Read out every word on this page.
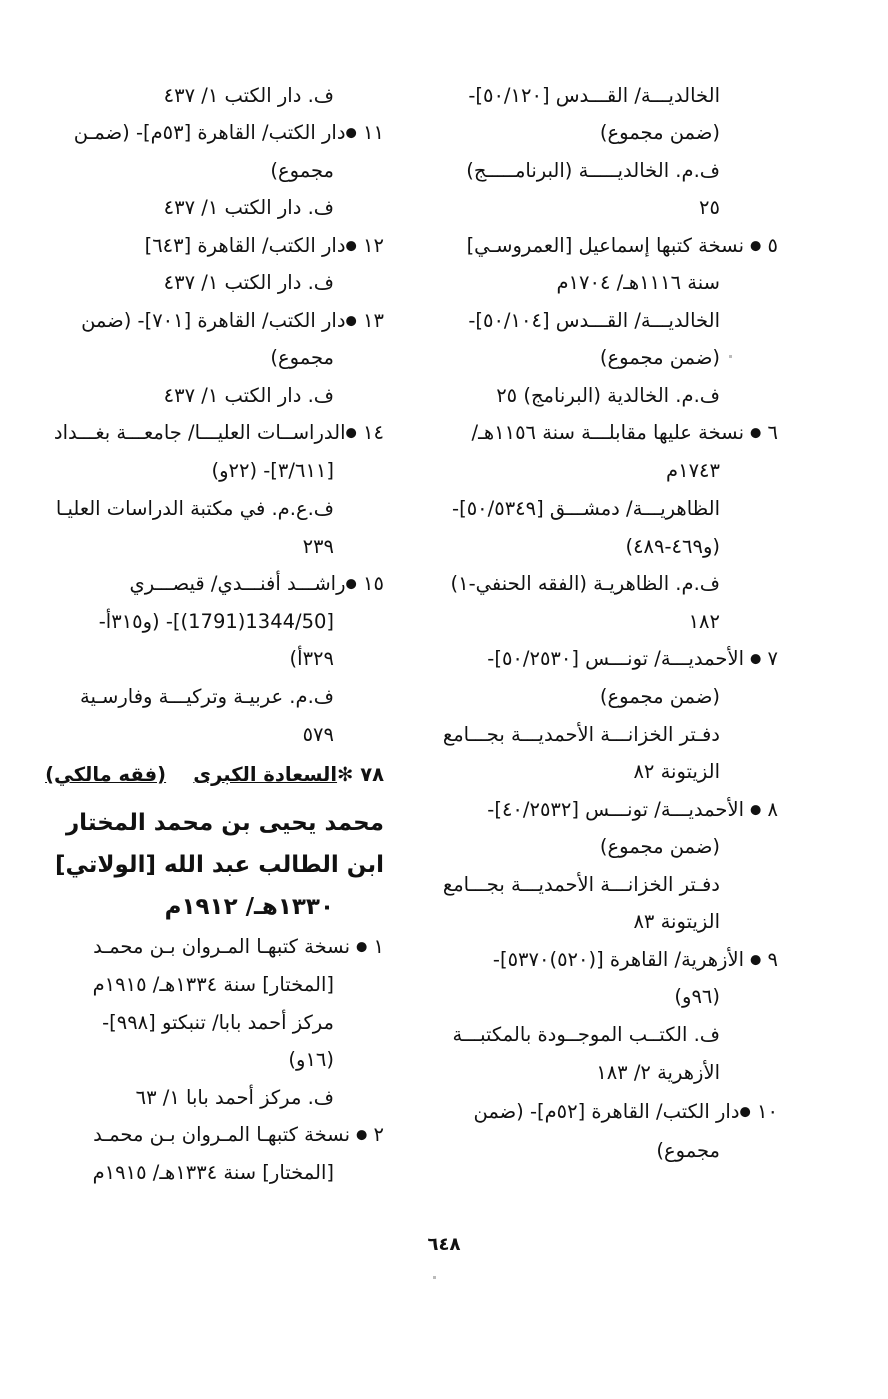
الخالديـــة/ القـــدس [٥٠/١٢٠]-
(ضمن مجموع)
ف.م. الخالديـــــة (البرنامـــــج)
٢٥
٥ ●نسخة كتبها إسماعيل [العمروسـي]
سنة ١١١٦هـ/ ١٧٠٤م
الخالديـــة/ القـــدس [٥٠/١٠٤]-
(ضمن مجموع)
ف.م. الخالدية (البرنامج) ٢٥
٦ ●نسخة عليها مقابلـــة سنة ١١٥٦هـ/
١٧٤٣م
الظاهريـــة/ دمشـــق [٥٠/٥٣٤٩]-
(و٤٦٩-٤٨٩)
ف.م. الظاهريـة (الفقه الحنفي-١)
١٨٢
٧ ●الأحمديـــة/ تونـــس [٥٠/٢٥٣٠]-
(ضمن مجموع)
دفـتر الخزانـــة الأحمديـــة بجـــامع
الزيتونة ٨٢
٨ ●الأحمديـــة/ تونـــس [٤٠/٢٥٣٢]-
(ضمن مجموع)
دفـتر الخزانـــة الأحمديـــة بجـــامع
الزيتونة ٨٣
٩ ●الأزهرية/ القاهرة [(٥٢٠)٥٣٧٠]-
(٩٦و)
ف. الكتــب الموجــودة بالمكتبـــة
الأزهرية ٢/ ١٨٣
١٠ ●دار الكتب/ القاهرة [٥٢م]- (ضمن
مجموع)
ف. دار الكتب ١/ ٤٣٧
١١ ●دار الكتب/ القاهرة [٥٣م]- (ضمـن
مجموع)
ف. دار الكتب ١/ ٤٣٧
١٢ ●دار الكتب/ القاهرة [٦٤٣]
ف. دار الكتب ١/ ٤٣٧
١٣ ●دار الكتب/ القاهرة [٧٠١]- (ضمن
مجموع)
ف. دار الكتب ١/ ٤٣٧
١٤ ●الدراســات العليـــا/ جامعـــة بغـــداد
[٣/٦١١]- (٢٢و)
ف.ع.م. في مكتبة الدراسات العليـا
٢٣٩
١٥ ●راشـــد أفنـــدي/ قيصـــري
[1344/50(1791)]- (و٣١٥أ-
٣٢٩أ)
ف.م. عربيـة وتركيـــة وفارسـية
٥٧٩
٧٨ ✻السعادة الكبرى    (فقه مالكي)
محمد يحيى بن محمد المختار
ابن الطالب عبد الله [الولاتي]
١٣٣٠هـ/ ١٩١٢م
١ ●نسخة كتبهـا المـروان بـن محمـد
[المختار] سنة ١٣٣٤هـ/ ١٩١٥م
مركز أحمد بابا/ تنبكتو [٩٩٨]-
(١٦و)
ف. مركز أحمد بابا ١/ ٦٣
٢ ●نسخة كتبهـا المـروان بـن محمـد
[المختار] سنة ١٣٣٤هـ/ ١٩١٥م
٦٤٨
